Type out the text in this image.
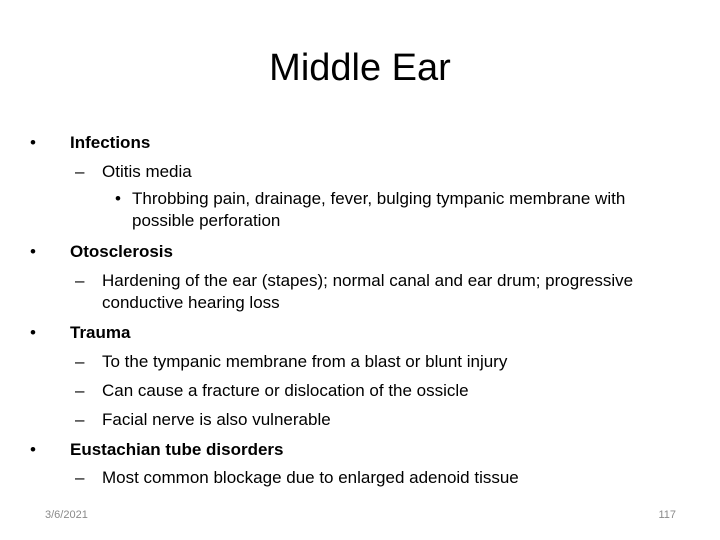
Middle Ear
•	Infections
–	Otitis media
• Throbbing pain, drainage, fever, bulging tympanic membrane with possible perforation
•	Otosclerosis
–	Hardening of the ear (stapes); normal canal and ear drum; progressive conductive hearing loss
•	Trauma
–	To the tympanic membrane from a blast or blunt injury
–	Can cause a fracture or dislocation of the ossicle
–	Facial nerve is also vulnerable
•	Eustachian tube disorders
–	Most common blockage due to enlarged adenoid tissue
3/6/2021	117
